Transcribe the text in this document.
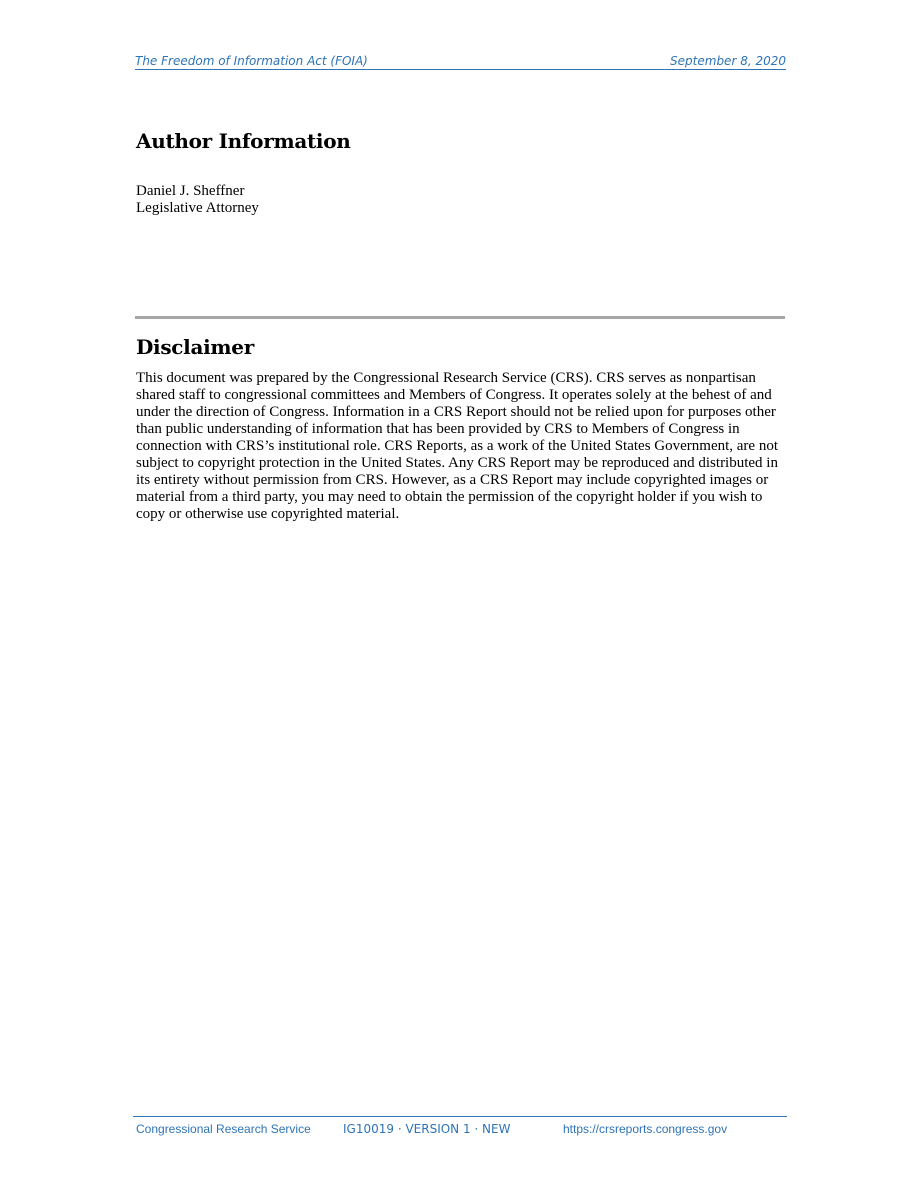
The Freedom of Information Act (FOIA)	September 8, 2020
Author Information
Daniel J. Sheffner
Legislative Attorney
Disclaimer

This document was prepared by the Congressional Research Service (CRS). CRS serves as nonpartisan
shared staff to congressional committees and Members of Congress. It operates solely at the behest of and
under the direction of Congress. Information in a CRS Report should not be relied upon for purposes other
than public understanding of information that has been provided by CRS to Members of Congress in
connection with CRS’s institutional role. CRS Reports, as a work of the United States Government, are not
subject to copyright protection in the United States. Any CRS Report may be reproduced and distributed in
its entirety without permission from CRS. However, as a CRS Report may include copyrighted images or
material from a third party, you may need to obtain the permission of the copyright holder if you wish to
copy or otherwise use copyrighted material.

Congressional Research Service	IG10019 · VERSION 1 · NEW	https://crsreports.congress.gov
